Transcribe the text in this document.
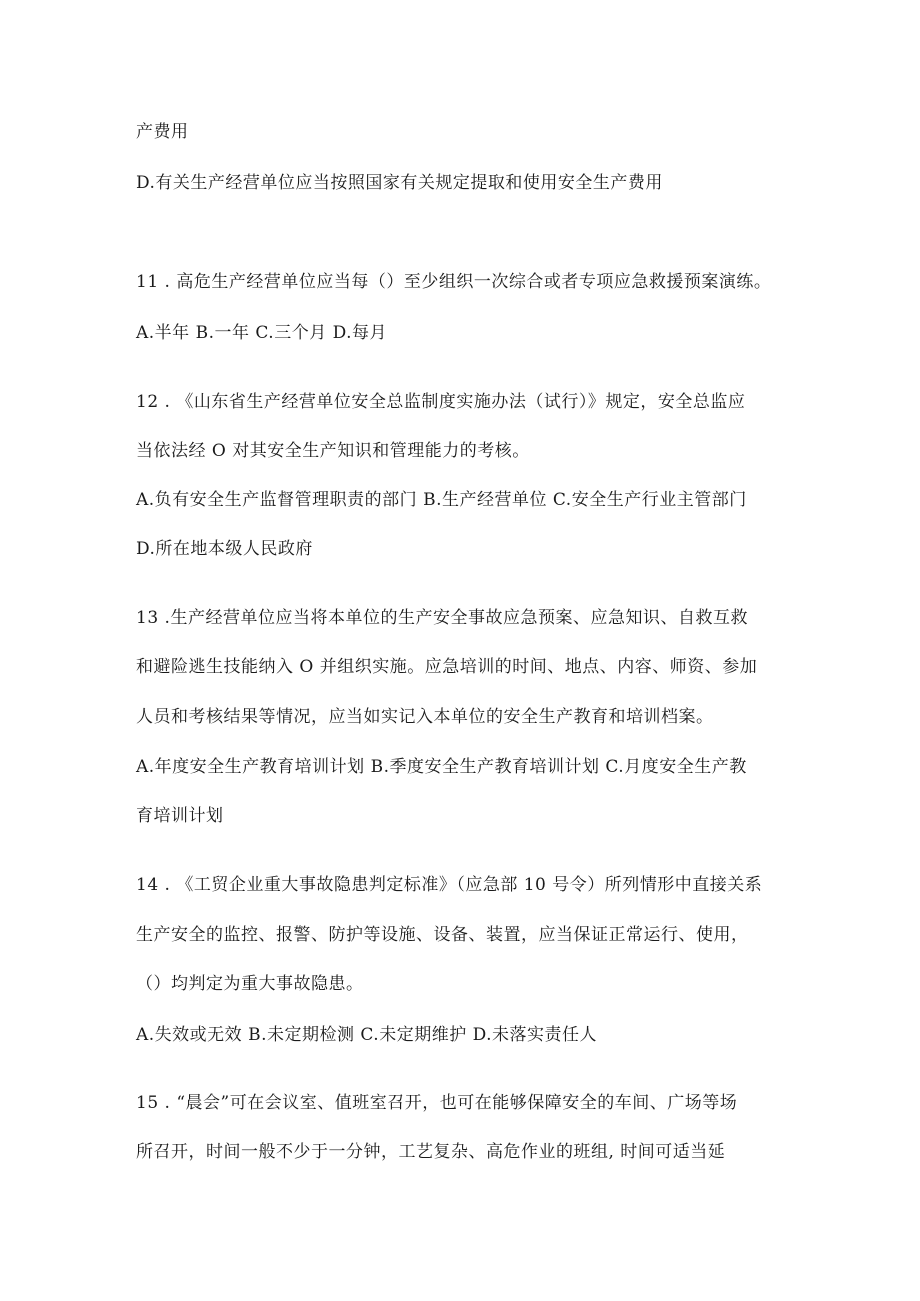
产费用
D.有关生产经营单位应当按照国家有关规定提取和使用安全生产费用
11 . 高危生产经营单位应当每（）至少组织一次综合或者专项应急救援预案演练。
A.半年 B.一年 C.三个月 D.每月
12 . 《山东省生产经营单位安全总监制度实施办法（试行）》规定，安全总监应
当依法经 O 对其安全生产知识和管理能力的考核。
A.负有安全生产监督管理职责的部门 B.生产经营单位 C.安全生产行业主管部门
D.所在地本级人民政府
13 .生产经营单位应当将本单位的生产安全事故应急预案、应急知识、自救互救
和避险逃生技能纳入 O 并组织实施。应急培训的时间、地点、内容、师资、参加
人员和考核结果等情况，应当如实记入本单位的安全生产教育和培训档案。
A.年度安全生产教育培训计划 B.季度安全生产教育培训计划 C.月度安全生产教
育培训计划
14 . 《工贸企业重大事故隐患判定标准》（应急部 10 号令）所列情形中直接关系
生产安全的监控、报警、防护等设施、设备、装置，应当保证正常运行、使用，
（）均判定为重大事故隐患。
A.失效或无效 B.未定期检测 C.未定期维护 D.未落实责任人
15 . “晨会”可在会议室、值班室召开，也可在能够保障安全的车间、广场等场
所召开，时间一般不少于一分钟，工艺复杂、高危作业的班组, 时间可适当延
